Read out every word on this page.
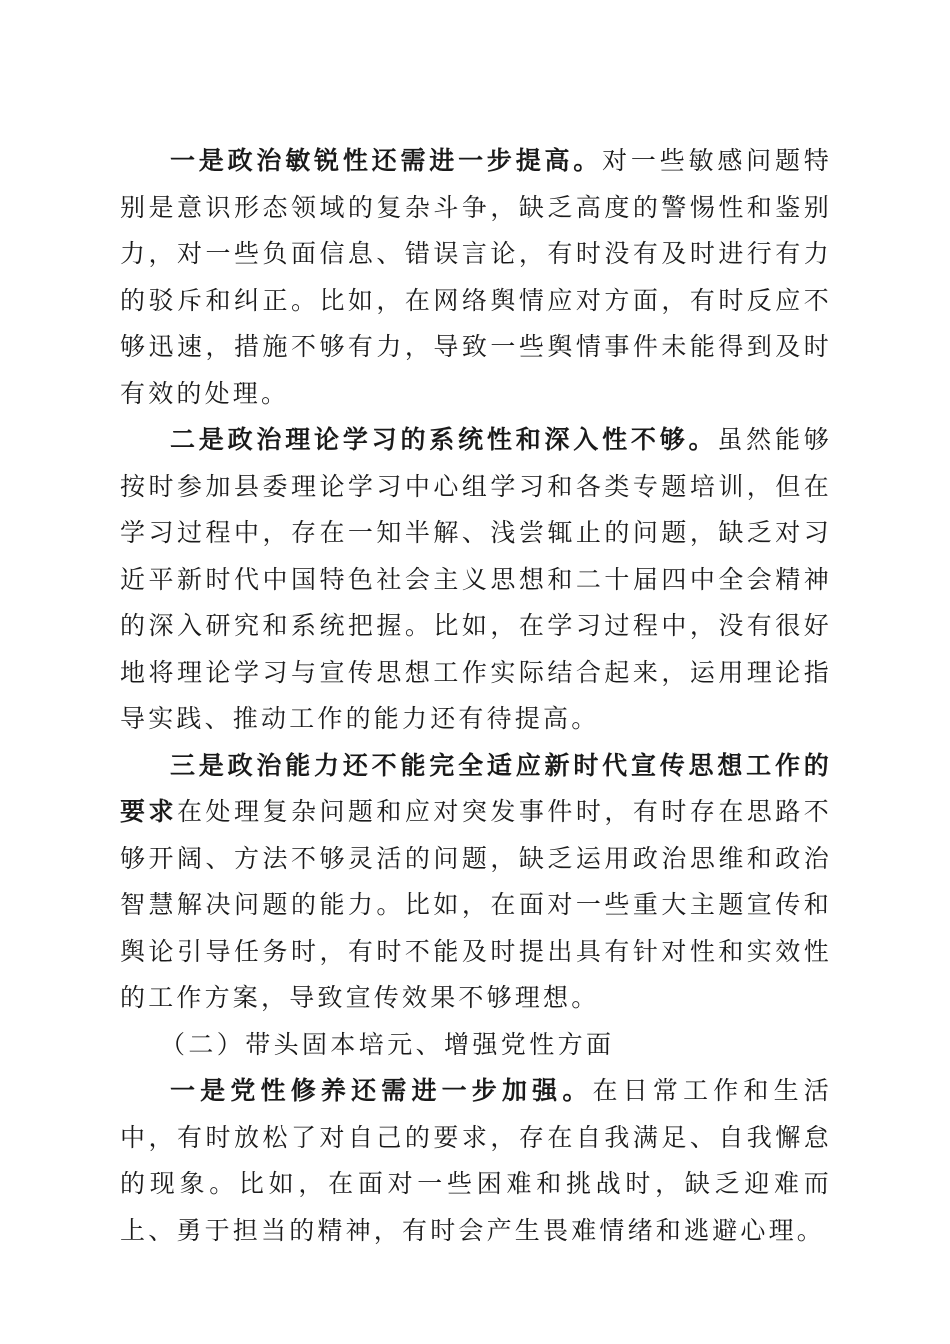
一是政治敏锐性还需进一步提高。对一些敏感问题特别是意识形态领域的复杂斗争，缺乏高度的警惕性和鉴别力，对一些负面信息、错误言论，有时没有及时进行有力的驳斥和纠正。比如，在网络舆情应对方面，有时反应不够迅速，措施不够有力，导致一些舆情事件未能得到及时有效的处理。

二是政治理论学习的系统性和深入性不够。虽然能够按时参加县委理论学习中心组学习和各类专题培训，但在学习过程中，存在一知半解、浅尝辄止的问题，缺乏对习近平新时代中国特色社会主义思想和二十届四中全会精神的深入研究和系统把握。比如，在学习过程中，没有很好地将理论学习与宣传思想工作实际结合起来，运用理论指导实践、推动工作的能力还有待提高。

三是政治能力还不能完全适应新时代宣传思想工作的要求在处理复杂问题和应对突发事件时，有时存在思路不够开阔、方法不够灵活的问题，缺乏运用政治思维和政治智慧解决问题的能力。比如，在面对一些重大主题宣传和舆论引导任务时，有时不能及时提出具有针对性和实效性的工作方案，导致宣传效果不够理想。

（二）带头固本培元、增强党性方面

一是党性修养还需进一步加强。在日常工作和生活中，有时放松了对自己的要求，存在自我满足、自我懈怠的现象。比如，在面对一些困难和挑战时，缺乏迎难而上、勇于担当的精神，有时会产生畏难情绪和逃避心理。
